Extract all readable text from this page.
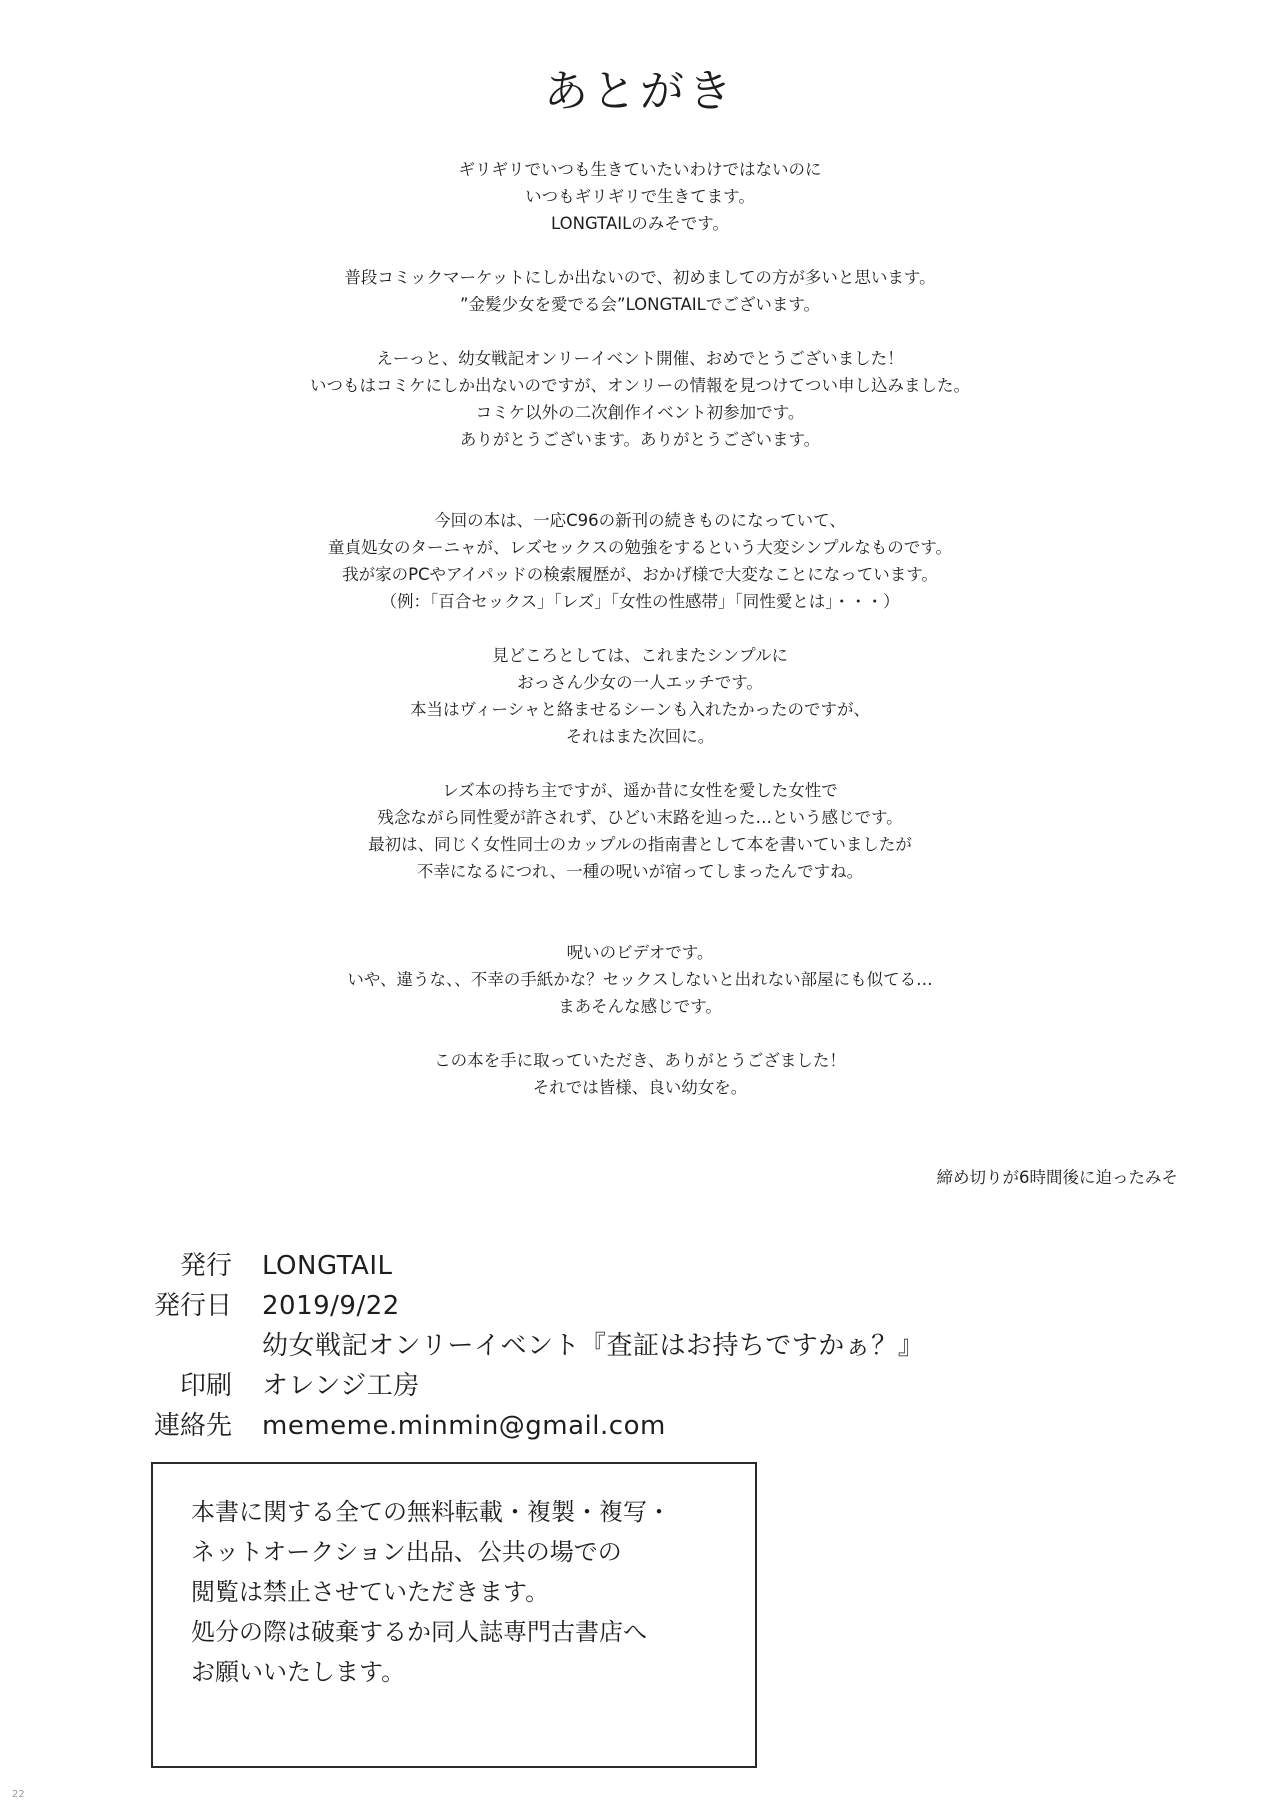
あとがき

ギリギリでいつも生きていたいわけではないのに
いつもギリギリで生きてます。
LONGTAILのみそです。

普段コミックマーケットにしか出ないので、初めましての方が多いと思います。
”金髪少女を愛でる会”LONGTAILでございます。

えーっと、幼女戦記オンリーイベント開催、おめでとうございました！
いつもはコミケにしか出ないのですが、オンリーの情報を見つけてつい申し込みました。
コミケ以外の二次創作イベント初参加です。
ありがとうございます。ありがとうございます。

今回の本は、一応C96の新刊の続きものになっていて、
童貞処女のターニャが、レズセックスの勉強をするという大変シンプルなものです。
我が家のPCやアイパッドの検索履歴が、おかげ様で大変なことになっています。
（例：「百合セックス」「レズ」「女性の性感帯」「同性愛とは」・・・）

見どころとしては、これまたシンプルに
おっさん少女の一人エッチです。
本当はヴィーシャと絡ませるシーンも入れたかったのですが、
それはまた次回に。

レズ本の持ち主ですが、遥か昔に女性を愛した女性で
残念ながら同性愛が許されず、ひどい末路を辿った…という感じです。
最初は、同じく女性同士のカップルの指南書として本を書いていましたが
不幸になるにつれ、一種の呪いが宿ってしまったんですね。

呪いのビデオです。
いや、違うな、、不幸の手紙かな？セックスしないと出れない部屋にも似てる…
まあそんな感じです。

この本を手に取っていただき、ありがとうござました！
それでは皆様、良い幼女を。

締め切りが6時間後に迫ったみそ
発行 LONGTAIL
発行日 2019/9/22
幼女戦記オンリーイベント『査証はお持ちですかぁ？』
印刷 オレンジ工房
連絡先 mememe.minmin@gmail.com
本書に関する全ての無料転載・複製・複写・
ネットオークション出品、公共の場での
閲覧は禁止させていただきます。
処分の際は破棄するか同人誌専門古書店へ
お願いいたします。
22
